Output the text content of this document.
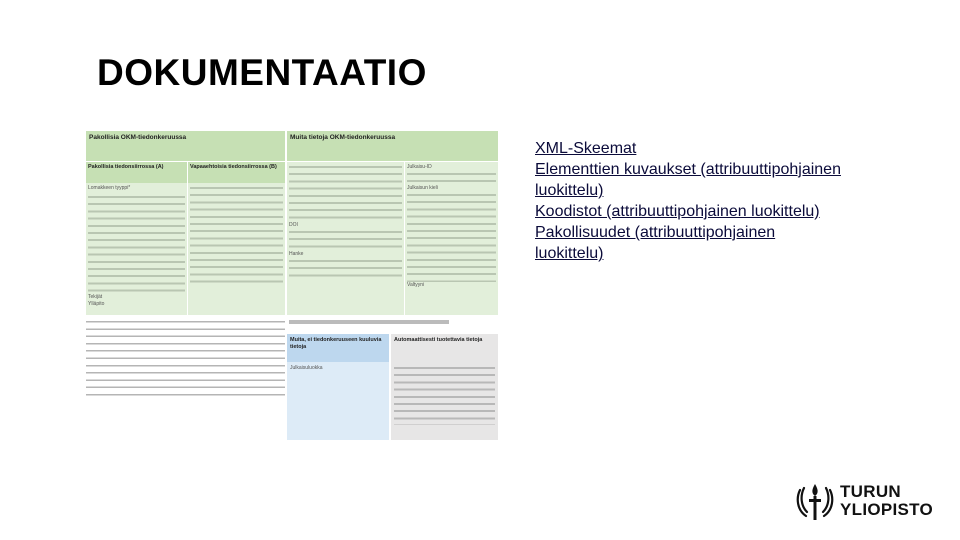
DOKUMENTAATIO
XML-Skeemat
Elementtien kuvaukset (attribuuttipohjainen luokittelu)
Koodistot (attribuuttipohjainen luokittelu)
Pakollisuudet (attribuuttipohjainen luokittelu)
Pakollisia OKM-tiedonkeruussa	Muita tietoja OKM-tiedonkeruussa
Pakollisia tiedonsiirrossa (A)	Vapaaehtoisia tiedonsiirrossa (B)
Lomakkeen tyyppi*
Tekijät
Ylläpito
DOI
Hanke
Julkaisu-ID
Julkaisun kieli
Valtyyni
Muita, ei tiedonkeruuseen kuuluvia tietoja
Julkaisuluokka
Automaattisesti tuotettavia tietoja
TURUN
YLIOPISTO
